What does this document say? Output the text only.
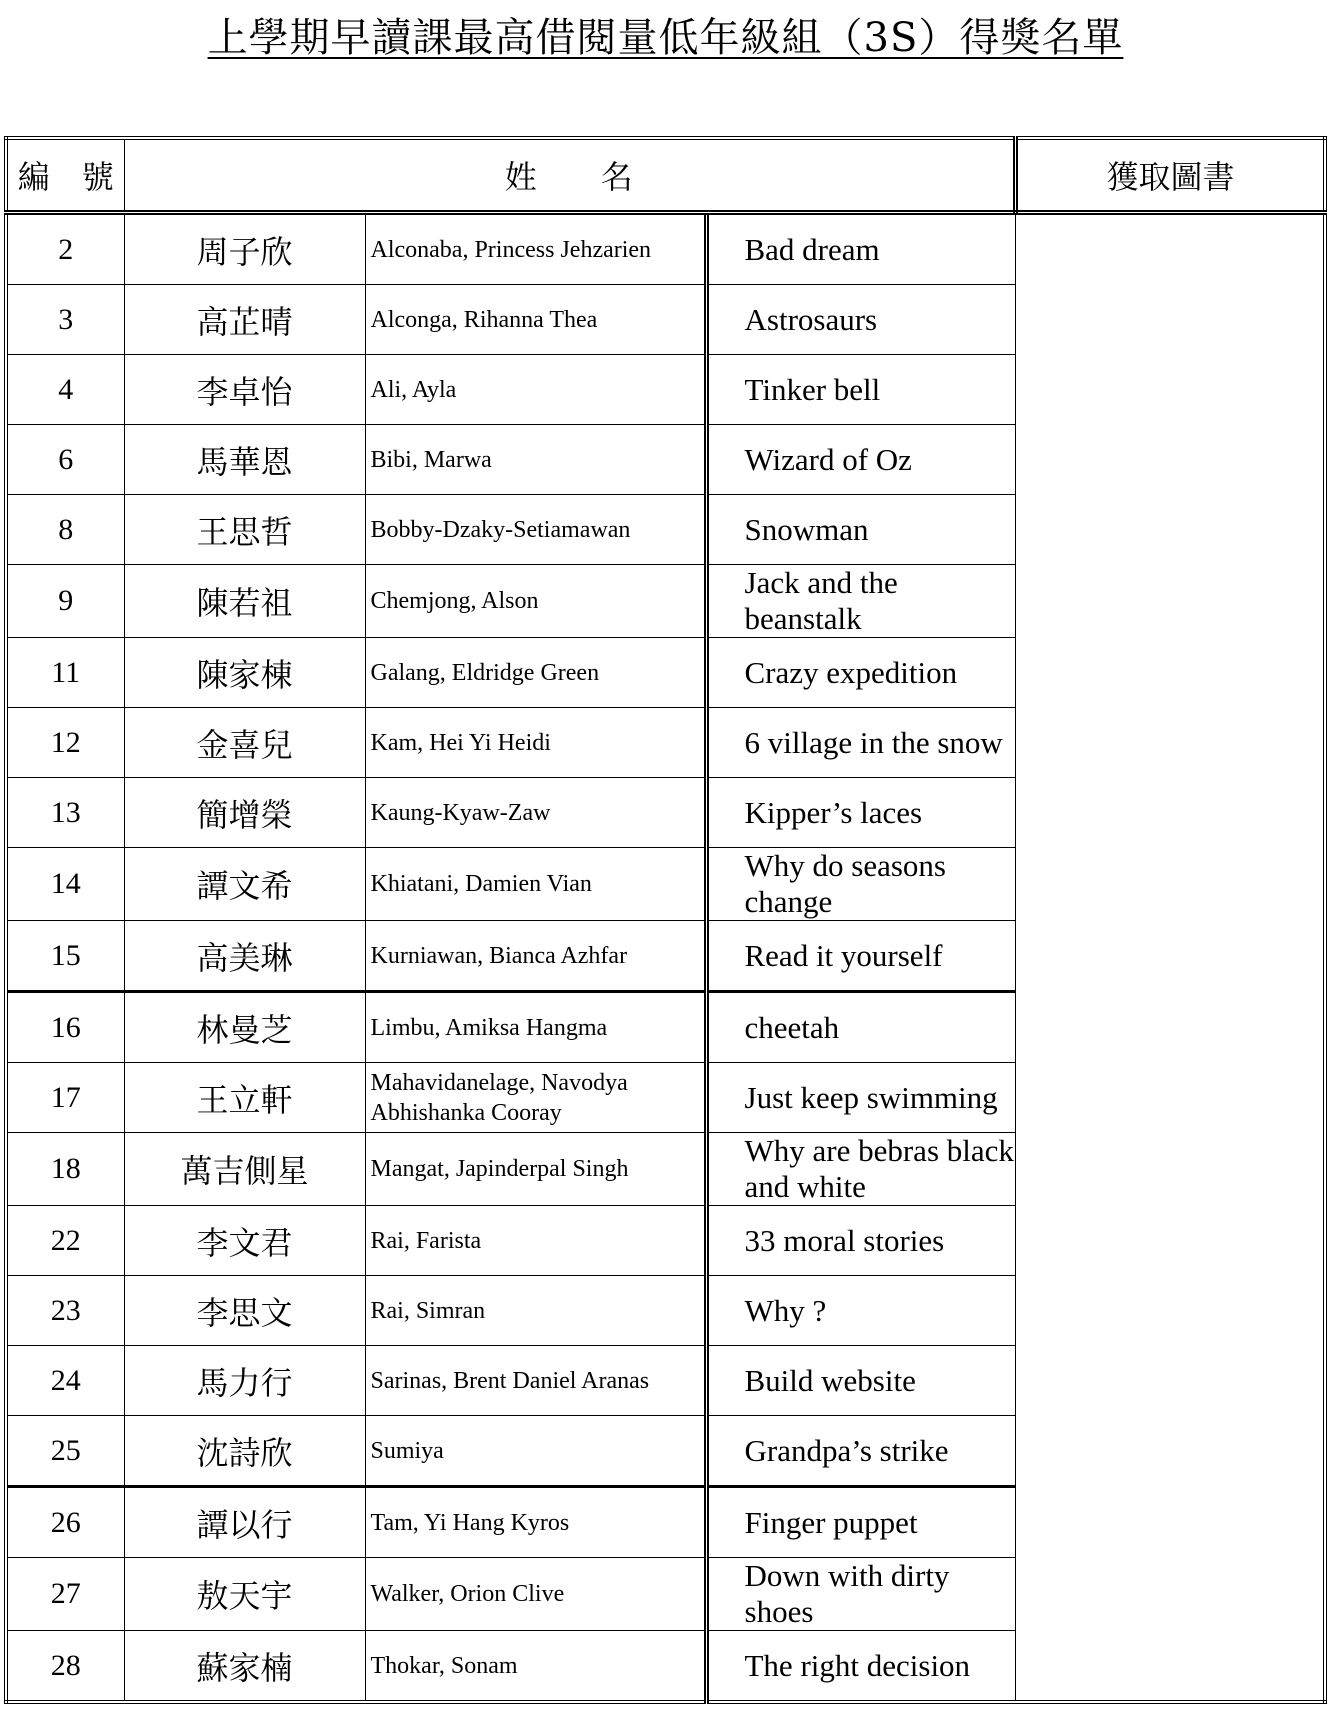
上學期早讀課最高借閱量低年級組（3S）得獎名單
編　號	姓　　名			獲取圖書
2	周子欣	Alconaba, Princess Jehzarien	Bad dream	
3	高芷晴	Alconga, Rihanna Thea	Astrosaurs	
4	李卓怡	Ali, Ayla	Tinker bell	
6	馬華恩	Bibi, Marwa	Wizard of Oz	
8	王思哲	Bobby-Dzaky-Setiamawan	Snowman	
9	陳若祖	Chemjong, Alson	Jack and the beanstalk	
11	陳家棟	Galang, Eldridge Green	Crazy expedition	
12	金喜兒	Kam, Hei Yi Heidi	6 village in the snow	
13	簡增榮	Kaung-Kyaw-Zaw	Kipper’s laces	
14	譚文希	Khiatani, Damien Vian	Why do seasons change	
15	高美琳	Kurniawan, Bianca Azhfar	Read it yourself	
16	林曼芝	Limbu, Amiksa Hangma	cheetah	
17	王立軒	Mahavidanelage, Navodya Abhishanka Cooray	Just keep swimming	
18	萬吉側星	Mangat, Japinderpal Singh	Why are bebras black and white	
22	李文君	Rai, Farista	33 moral stories	
23	李思文	Rai, Simran	Why ?	
24	馬力行	Sarinas, Brent Daniel Aranas	Build website	
25	沈詩欣	Sumiya	Grandpa’s strike	
26	譚以行	Tam, Yi Hang Kyros	Finger puppet	
27	敖天宇	Walker, Orion Clive	Down with dirty shoes	
28	蘇家楠	Thokar, Sonam	The right decision	
